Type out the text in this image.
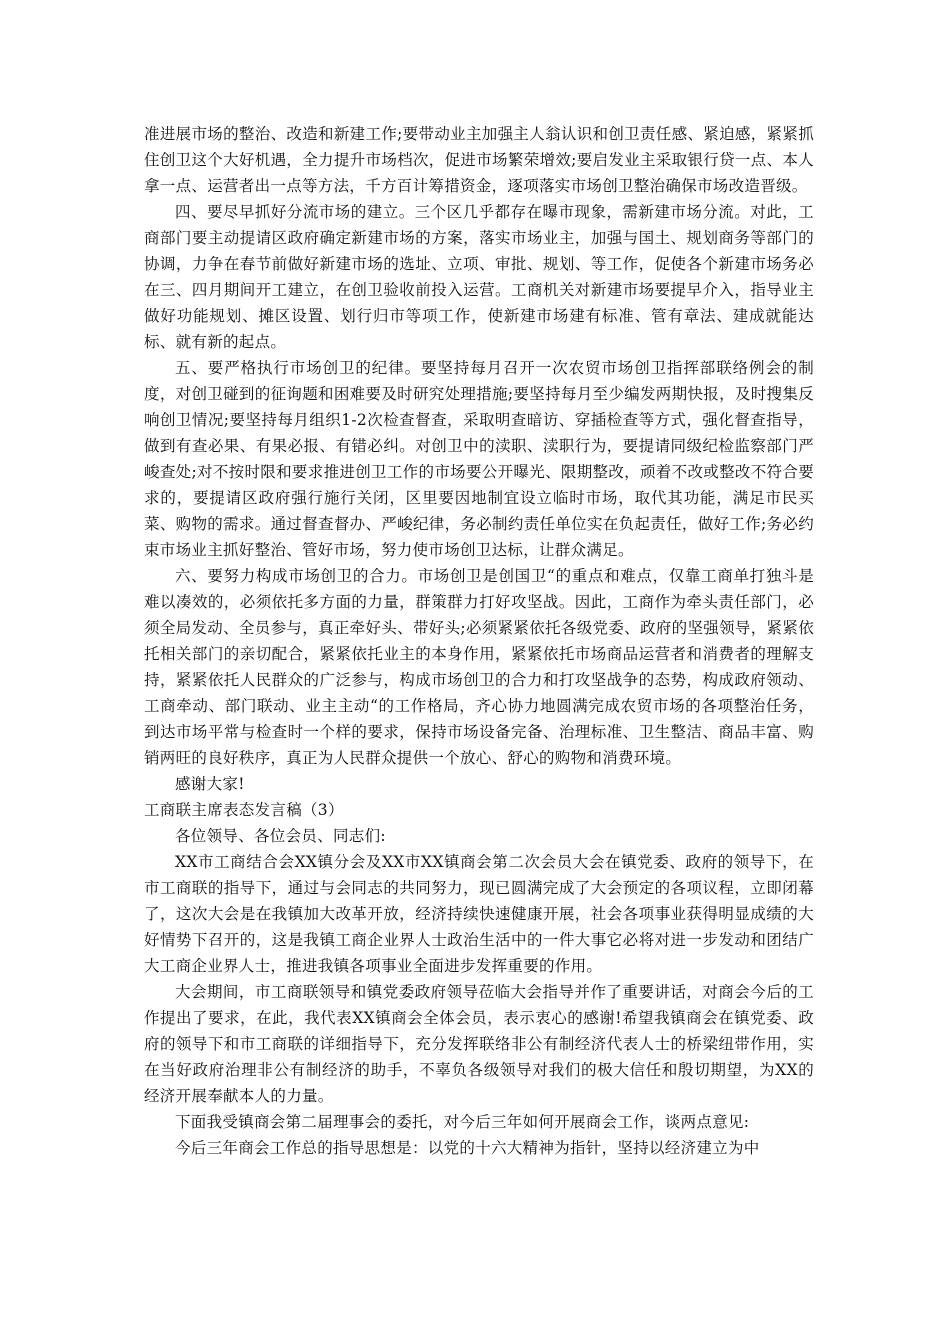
准进展市场的整治、改造和新建工作;要带动业主加强主人翁认识和创卫责任感、紧迫感，紧紧抓住创卫这个大好机遇，全力提升市场档次，促进市场繁荣增效;要启发业主采取银行贷一点、本人拿一点、运营者出一点等方法，千方百计筹措资金，逐项落实市场创卫整治确保市场改造晋级。

四、要尽早抓好分流市场的建立。三个区几乎都存在曝市现象，需新建市场分流。对此，工商部门要主动提请区政府确定新建市场的方案，落实市场业主，加强与国土、规划商务等部门的协调，力争在春节前做好新建市场的选址、立项、审批、规划、等工作，促使各个新建市场务必在三、四月期间开工建立，在创卫验收前投入运营。工商机关对新建市场要提早介入，指导业主做好功能规划、摊区设置、划行归市等项工作，使新建市场建有标准、管有章法、建成就能达标、就有新的起点。

五、要严格执行市场创卫的纪律。要坚持每月召开一次农贸市场创卫指挥部联络例会的制度，对创卫碰到的征询题和困难要及时研究处理措施;要坚持每月至少编发两期快报，及时搜集反响创卫情况;要坚持每月组织1-2次检查督查，采取明查暗访、穿插检查等方式，强化督查指导，做到有查必果、有果必报、有错必纠。对创卫中的渎职、渎职行为，要提请同级纪检监察部门严峻查处;对不按时限和要求推进创卫工作的市场要公开曝光、限期整改，顽着不改或整改不符合要求的，要提请区政府强行施行关闭，区里要因地制宜设立临时市场，取代其功能，满足市民买菜、购物的需求。通过督查督办、严峻纪律，务必制约责任单位实在负起责任，做好工作;务必约束市场业主抓好整治、管好市场，努力使市场创卫达标，让群众满足。

六、要努力构成市场创卫的合力。市场创卫是创国卫“的重点和难点，仅靠工商单打独斗是难以凑效的，必须依托多方面的力量，群策群力打好攻坚战。因此，工商作为牵头责任部门，必须全局发动、全员参与，真正牵好头、带好头;必须紧紧依托各级党委、政府的坚强领导，紧紧依托相关部门的亲切配合，紧紧依托业主的本身作用，紧紧依托市场商品运营者和消费者的理解支持，紧紧依托人民群众的广泛参与，构成市场创卫的合力和打攻坚战争的态势，构成政府领动、工商牵动、部门联动、业主主动“的工作格局，齐心协力地圆满完成农贸市场的各项整治任务，到达市场平常与检查时一个样的要求，保持市场设备完备、治理标准、卫生整洁、商品丰富、购销两旺的良好秩序，真正为人民群众提供一个放心、舒心的购物和消费环境。

感谢大家!

工商联主席表态发言稿（3）

各位领导、各位会员、同志们:

XX市工商结合会XX镇分会及XX市XX镇商会第二次会员大会在镇党委、政府的领导下，在市工商联的指导下，通过与会同志的共同努力，现已圆满完成了大会预定的各项议程，立即闭幕了，这次大会是在我镇加大改革开放，经济持续快速健康开展，社会各项事业获得明显成绩的大好情势下召开的，这是我镇工商企业界人士政治生活中的一件大事它必将对进一步发动和团结广大工商企业界人士，推进我镇各项事业全面进步发挥重要的作用。

大会期间，市工商联领导和镇党委政府领导莅临大会指导并作了重要讲话，对商会今后的工作提出了要求，在此，我代表XX镇商会全体会员，表示衷心的感谢!希望我镇商会在镇党委、政府的领导下和市工商联的详细指导下，充分发挥联络非公有制经济代表人士的桥梁纽带作用，实在当好政府治理非公有制经济的助手，不辜负各级领导对我们的极大信任和殷切期望，为XX的经济开展奉献本人的力量。

下面我受镇商会第二届理事会的委托，对今后三年如何开展商会工作，谈两点意见:

今后三年商会工作总的指导思想是：以党的十六大精神为指针，坚持以经济建立为中
